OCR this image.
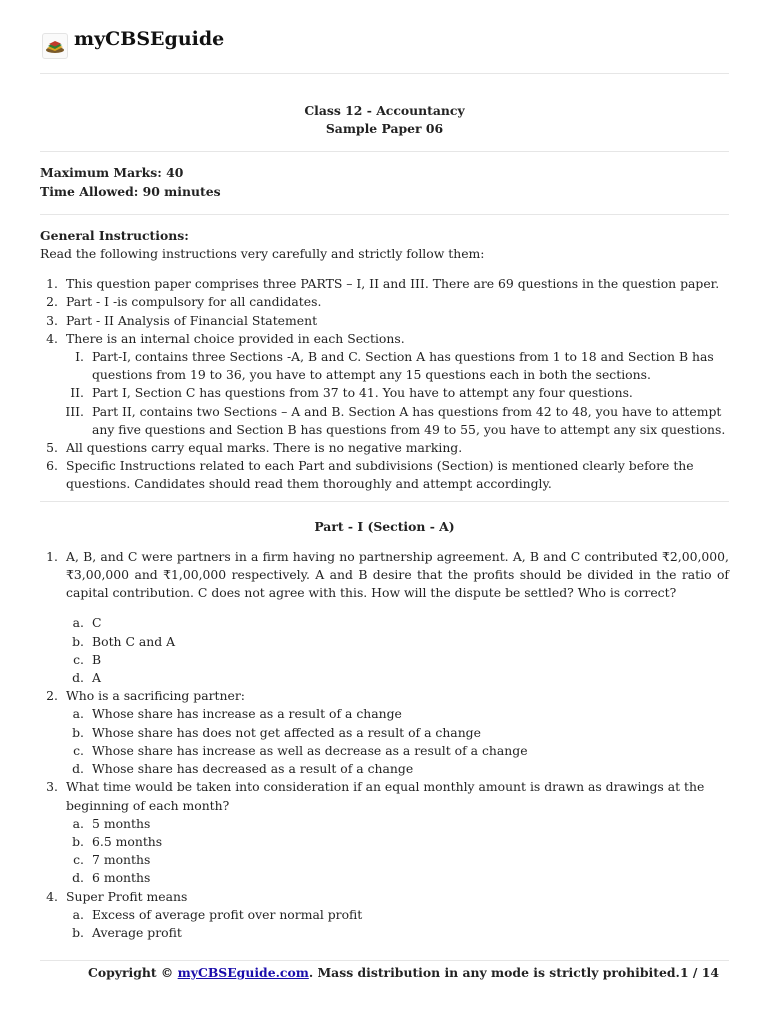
myCBSEguide
Class 12 - Accountancy
Sample Paper 06
Maximum Marks: 40
Time Allowed: 90 minutes
General Instructions:
Read the following instructions very carefully and strictly follow them:
1. This question paper comprises three PARTS – I, II and III. There are 69 questions in the question paper.
2. Part - I -is compulsory for all candidates.
3. Part - II Analysis of Financial Statement
4. There is an internal choice provided in each Sections.
I. Part-I, contains three Sections -A, B and C. Section A has questions from 1 to 18 and Section B has questions from 19 to 36, you have to attempt any 15 questions each in both the sections.
II. Part I, Section C has questions from 37 to 41. You have to attempt any four questions.
III. Part II, contains two Sections – A and B. Section A has questions from 42 to 48, you have to attempt any five questions and Section B has questions from 49 to 55, you have to attempt any six questions.
5. All questions carry equal marks. There is no negative marking.
6. Specific Instructions related to each Part and subdivisions (Section) is mentioned clearly before the questions. Candidates should read them thoroughly and attempt accordingly.
Part - I (Section - A)
1. A, B, and C were partners in a firm having no partnership agreement. A, B and C contributed ₹2,00,000, ₹3,00,000 and ₹1,00,000 respectively. A and B desire that the profits should be divided in the ratio of capital contribution. C does not agree with this. How will the dispute be settled? Who is correct?
a. C
b. Both C and A
c. B
d. A
2. Who is a sacrificing partner:
a. Whose share has increase as a result of a change
b. Whose share has does not get affected as a result of a change
c. Whose share has increase as well as decrease as a result of a change
d. Whose share has decreased as a result of a change
3. What time would be taken into consideration if an equal monthly amount is drawn as drawings at the beginning of each month?
a. 5 months
b. 6.5 months
c. 7 months
d. 6 months
4. Super Profit means
a. Excess of average profit over normal profit
b. Average profit
Copyright © myCBSEguide.com. Mass distribution in any mode is strictly prohibited. 1 / 14
